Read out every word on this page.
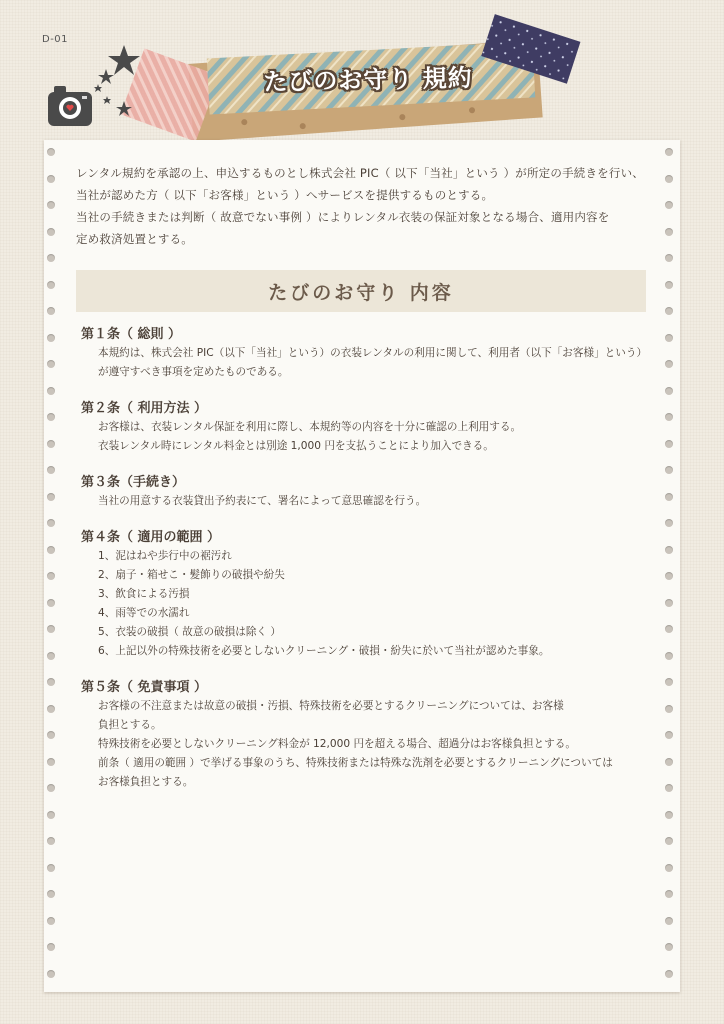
D-01
たびのお守り 規約

レンタル規約を承認の上、申込するものとし株式会社 PIC（ 以下「当社」という ）が所定の手続きを行い、

当社が認めた方（ 以下「お客様」という ）へサービスを提供するものとする。

当社の手続きまたは判断（ 故意でない事例 ）によりレンタル衣装の保証対象となる場合、適用内容を

定め救済処置とする。

たびのお守り 内容
第１条（ 総則 ）
本規約は、株式会社 PIC（以下「当社」という）の衣装レンタルの利用に関して、利用者（以下「お客様」という）
が遵守すべき事項を定めたものである。
第２条（ 利用方法 ）
お客様は、衣装レンタル保証を利用に際し、本規約等の内容を十分に確認の上利用する。
衣装レンタル時にレンタル料金とは別途 1,000 円を支払うことにより加入できる。
第３条（手続き）
当社の用意する衣装貸出予約表にて、署名によって意思確認を行う。
第４条（ 適用の範囲 ）
1、泥はねや歩行中の裾汚れ
2、扇子・箱せこ・髪飾りの破損や紛失
3、飲食による汚損
4、雨等での水濡れ
5、衣装の破損（ 故意の破損は除く ）
6、上記以外の特殊技術を必要としないクリーニング・破損・紛失に於いて当社が認めた事象。
第５条（ 免責事項 ）
お客様の不注意または故意の破損・汚損、特殊技術を必要とするクリーニングについては、お客様
負担とする。
特殊技術を必要としないクリーニング料金が 12,000 円を超える場合、超過分はお客様負担とする。
前条（ 適用の範囲 ）で挙げる事象のうち、特殊技術または特殊な洗剤を必要とするクリーニングについては
お客様負担とする。
